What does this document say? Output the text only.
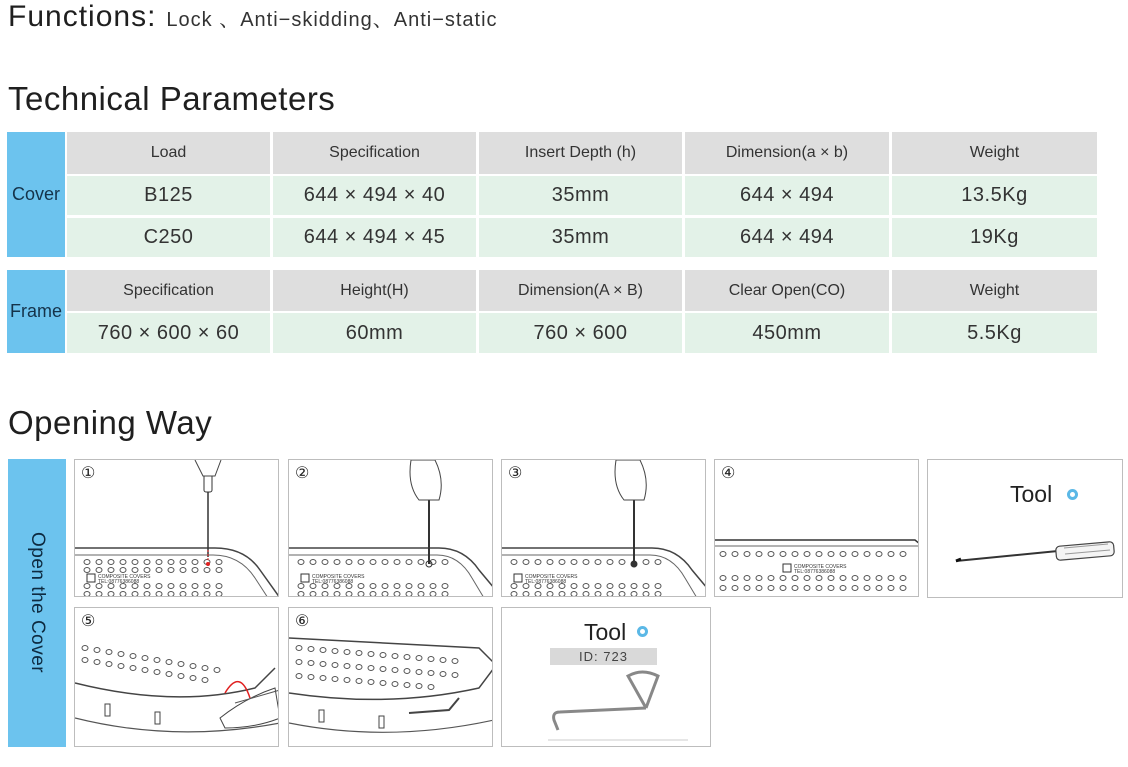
Functions: Lock 、Anti−skidding、Anti−static
Technical Parameters
Cover
Load	Specification	Insert Depth (h)	Dimension(a × b)	Weight
B125	644 × 494 × 40	35mm	644 × 494	13.5Kg
C250	644 × 494 × 45	35mm	644 × 494	19Kg
Frame
Specification	Height(H)	Dimension(A × B)	Clear Open(CO)	Weight
760 × 600 × 60	60mm	760 × 600	450mm	5.5Kg
Opening Way
Open the Cover
①
COMPOSITE COVERS
TEL:08776386088
②
COMPOSITE COVERS
TEL:08776386088
③
COMPOSITE COVERS
TEL:08776386088
④
COMPOSITE COVERS
TEL:08776386088
Tool
⑤	⑥	Tool
ID: 723
